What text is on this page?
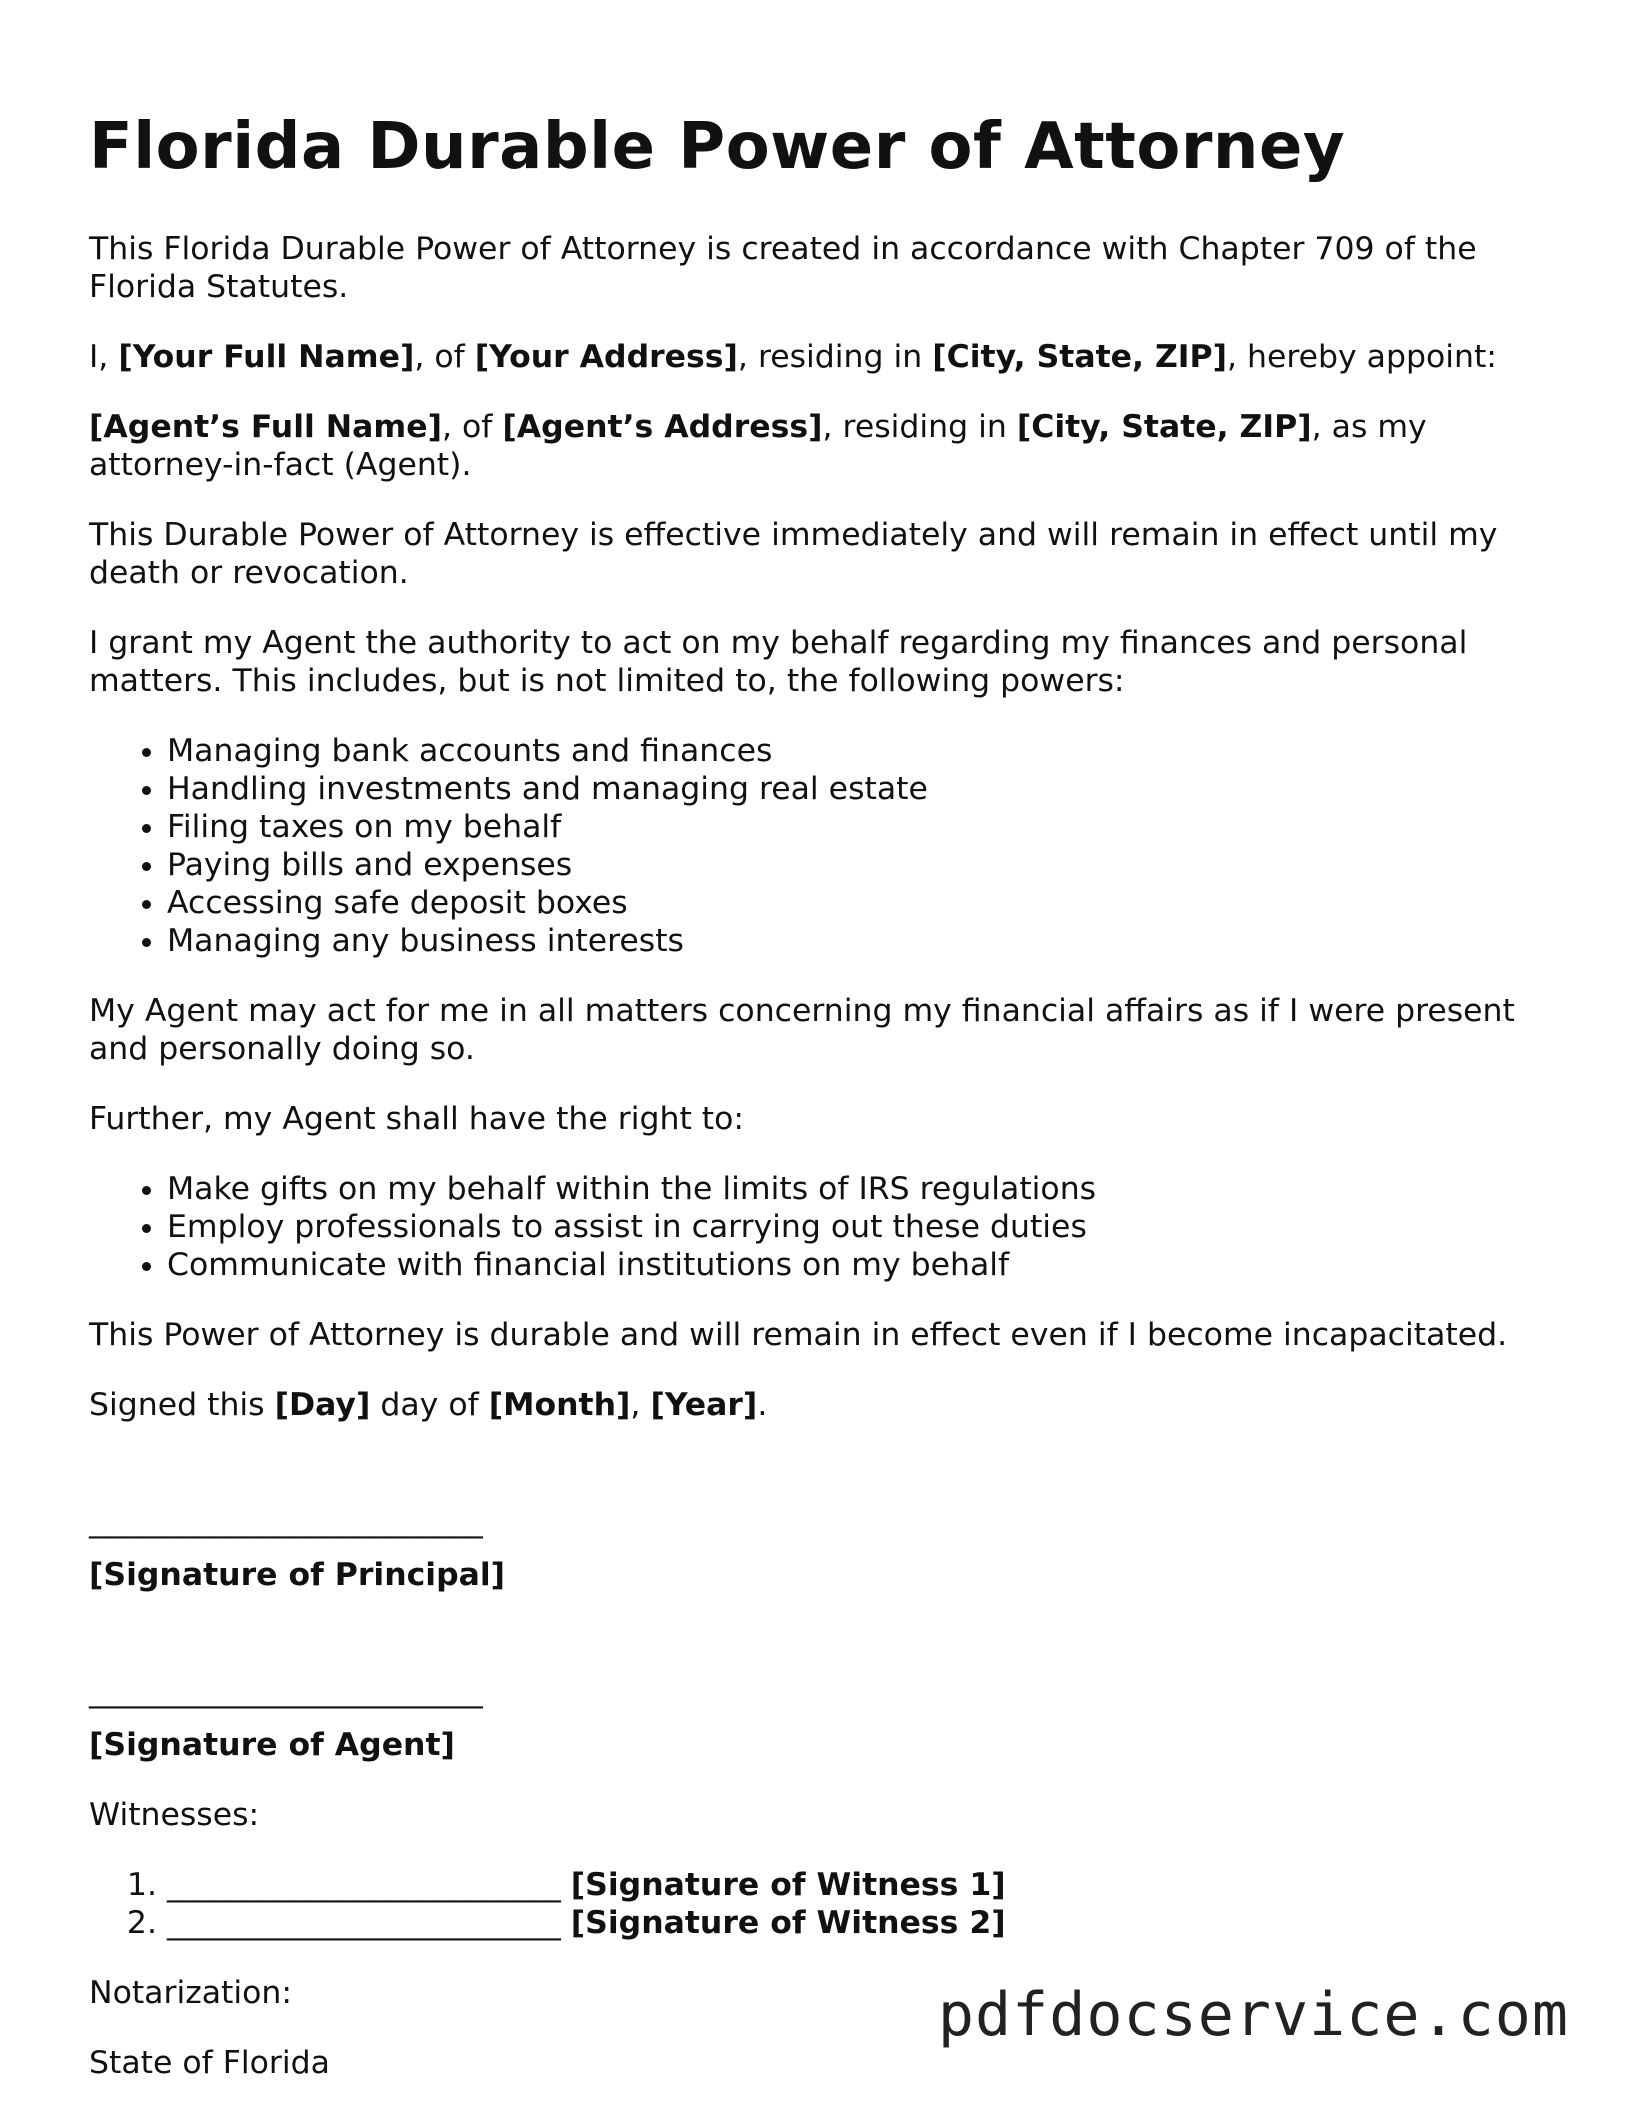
Florida Durable Power of Attorney

This Florida Durable Power of Attorney is created in accordance with Chapter 709 of the Florida Statutes.

I, [Your Full Name], of [Your Address], residing in [City, State, ZIP], hereby appoint:

[Agent’s Full Name], of [Agent’s Address], residing in [City, State, ZIP], as my attorney-in-fact (Agent).

This Durable Power of Attorney is effective immediately and will remain in effect until my death or revocation.

I grant my Agent the authority to act on my behalf regarding my finances and personal matters. This includes, but is not limited to, the following powers:

• Managing bank accounts and finances
• Handling investments and managing real estate
• Filing taxes on my behalf
• Paying bills and expenses
• Accessing safe deposit boxes
• Managing any business interests

My Agent may act for me in all matters concerning my financial affairs as if I were present and personally doing so.

Further, my Agent shall have the right to:

• Make gifts on my behalf within the limits of IRS regulations
• Employ professionals to assist in carrying out these duties
• Communicate with financial institutions on my behalf

This Power of Attorney is durable and will remain in effect even if I become incapacitated.

Signed this [Day] day of [Month], [Year].

_________________________

[Signature of Principal]

_________________________

[Signature of Agent]

Witnesses:

1. _________________________ [Signature of Witness 1]
2. _________________________ [Signature of Witness 2]

Notarization:

State of Florida

pdfdocservice.com
